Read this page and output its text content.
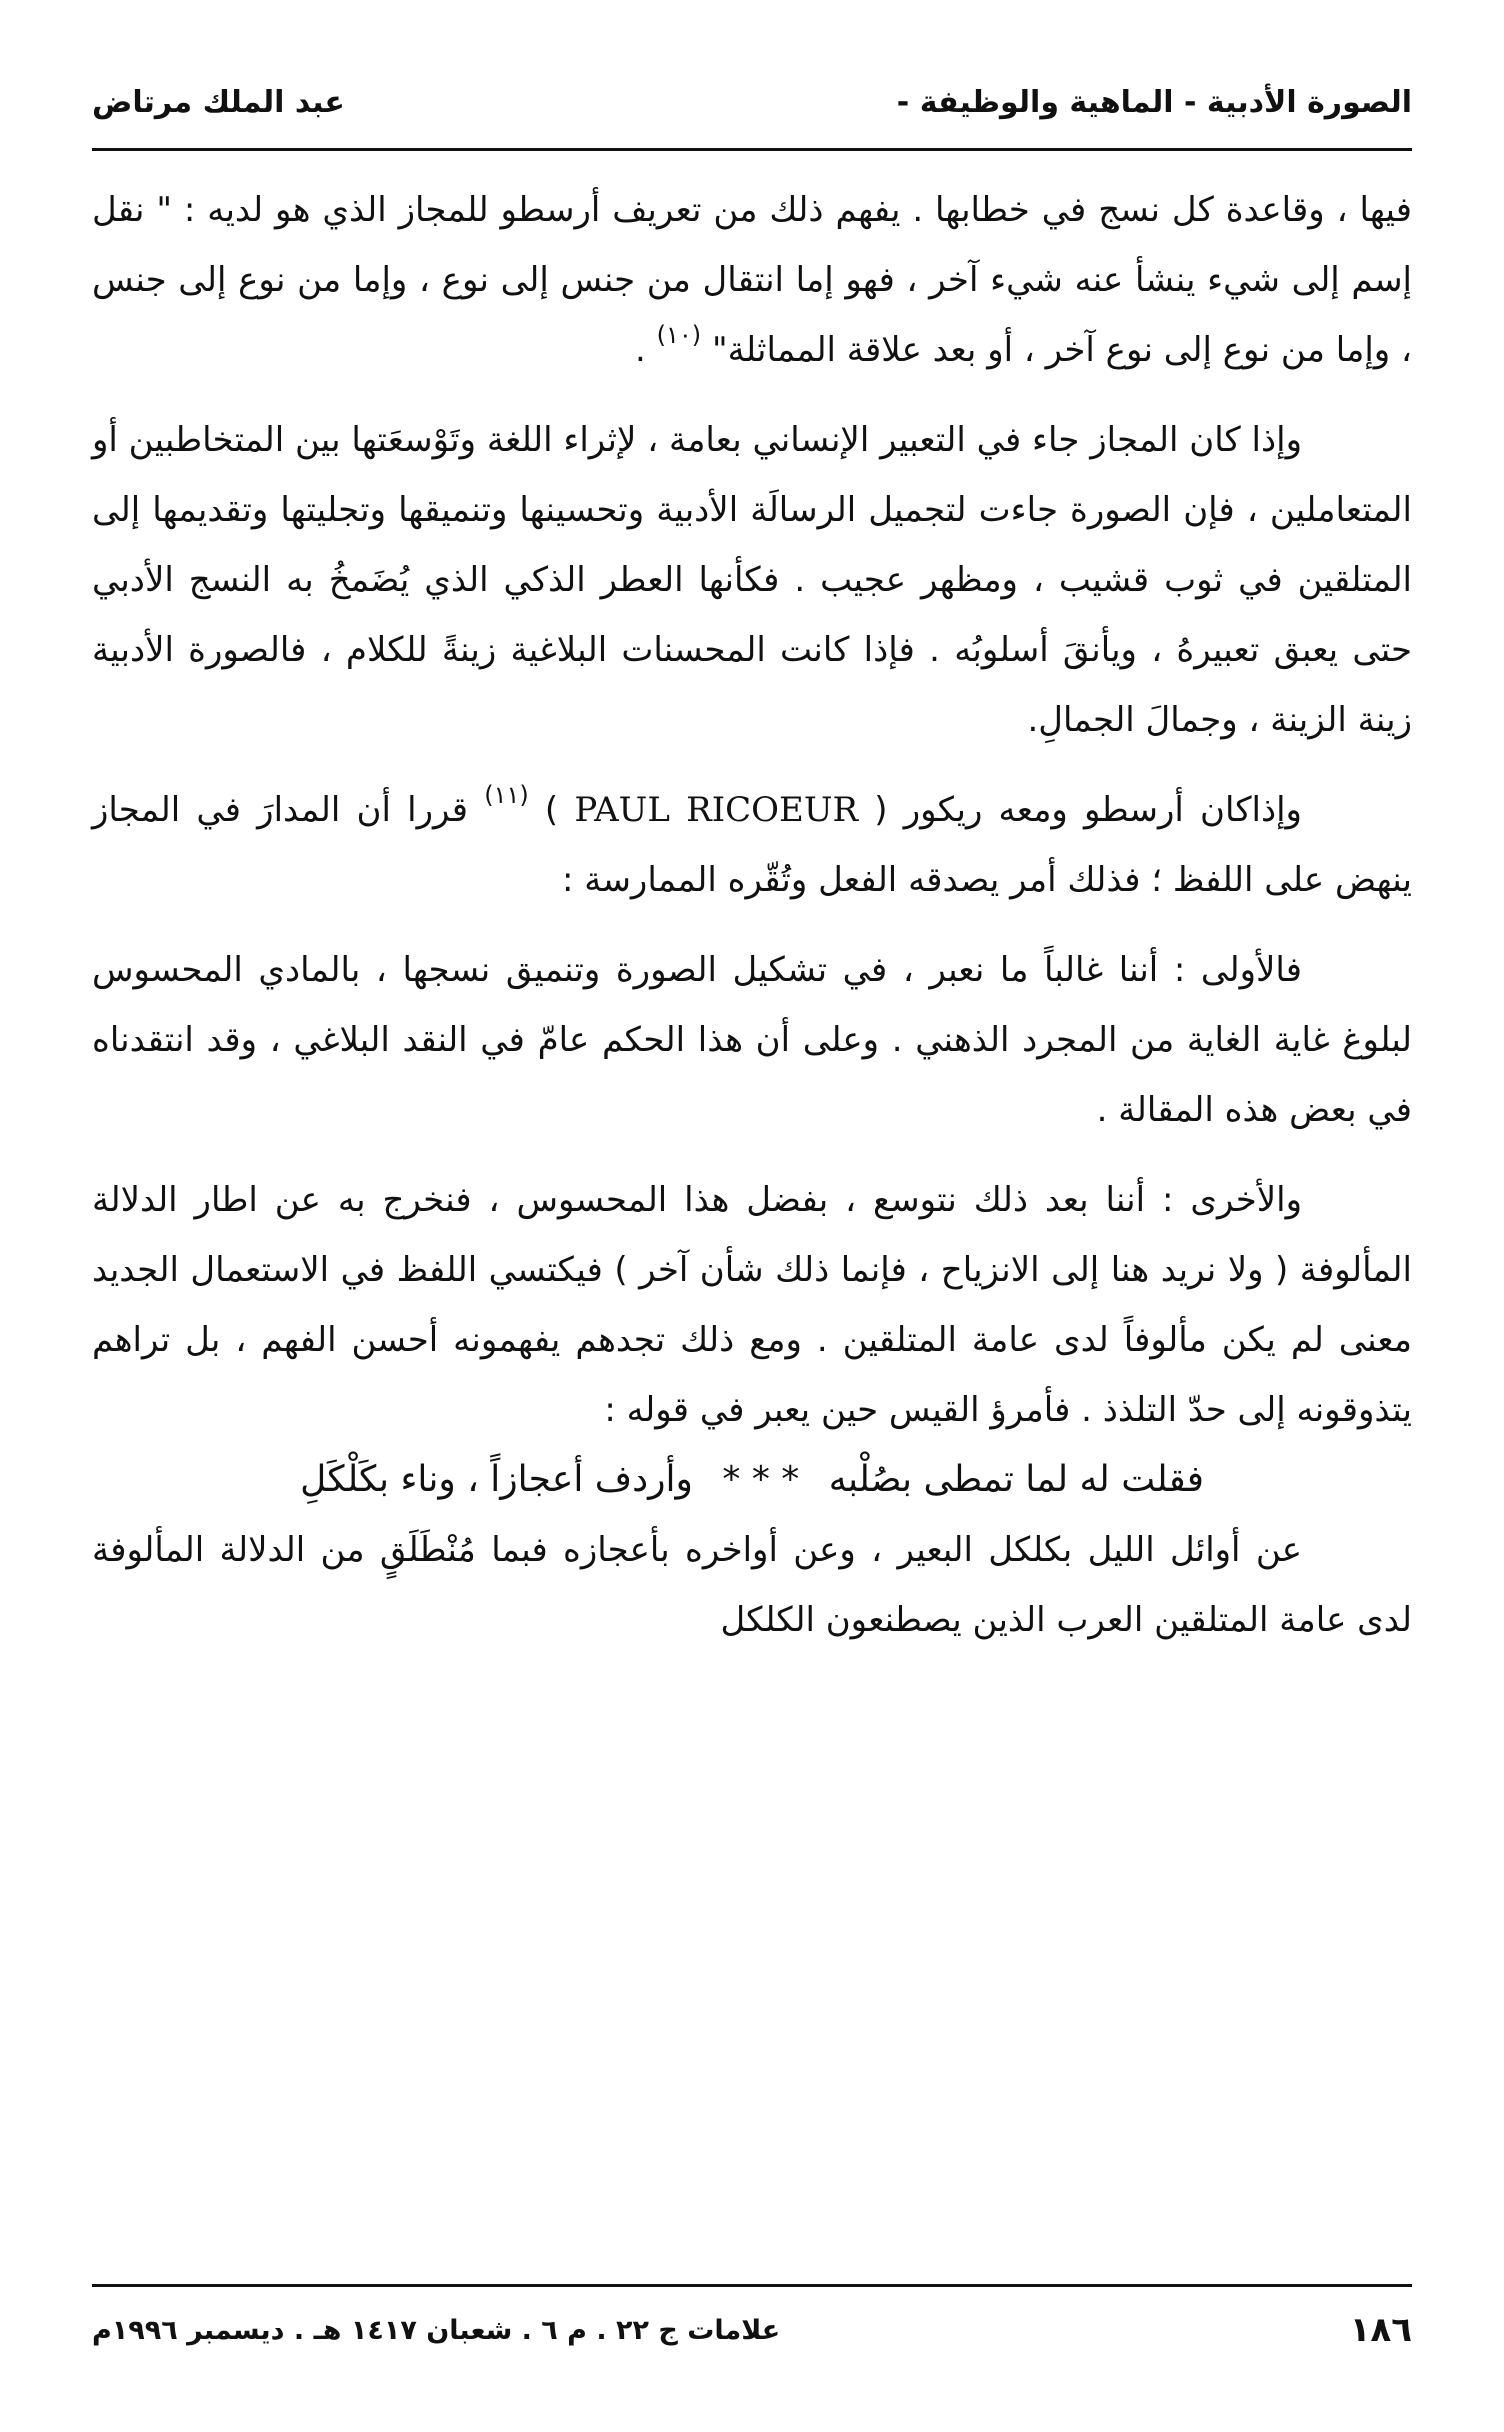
الصورة الأدبية - الماهية والوظيفة -
عبد الملك مرتاض

فيها ، وقاعدة كل نسج في خطابها . يفهم ذلك من تعريف أرسطو للمجاز الذي هو لديه : " نقل إسم إلى شيء ينشأ عنه شيء آخر ، فهو إما انتقال من جنس إلى نوع ، وإما من نوع إلى جنس ، وإما من نوع إلى نوع آخر ، أو بعد علاقة المماثلة" $^{(١٠)}$ .

وإذا كان المجاز جاء في التعبير الإنساني بعامة ، لإثراء اللغة وتَوْسعَتها بين المتخاطبين أو المتعاملين ، فإن الصورة جاءت لتجميل الرسالَة الأدبية وتحسينها وتنميقها وتجليتها وتقديمها إلى المتلقين في ثوب قشيب ، ومظهر عجيب . فكأنها العطر الذكي الذي يُضَمخُ به النسج الأدبي حتى يعبق تعبيرهُ ، ويأنقَ أسلوبُه . فإذا كانت المحسنات البلاغية زينةً للكلام ، فالصورة الأدبية زينة الزينة ، وجمالَ الجمالِ.

وإذاكان أرسطو ومعه ريكور ( PAUL RICOEUR ) $^{(١١)}$ قررا أن المدارَ في المجاز ينهض على اللفظ ؛ فذلك أمر يصدقه الفعل وتُقّره الممارسة :

فالأولى : أننا غالباً ما نعبر ، في تشكيل الصورة وتنميق نسجها ، بالمادي المحسوس لبلوغ غاية الغاية من المجرد الذهني . وعلى أن هذا الحكم عامّ في النقد البلاغي ، وقد انتقدناه في بعض هذه المقالة .

والأخرى : أننا بعد ذلك نتوسع ، بفضل هذا المحسوس ، فنخرج به عن اطار الدلالة المألوفة ( ولا نريد هنا إلى الانزياح ، فإنما ذلك شأن آخر ) فيكتسي اللفظ في الاستعمال الجديد معنى لم يكن مألوفاً لدى عامة المتلقين . ومع ذلك تجدهم يفهمونه أحسن الفهم ، بل تراهم يتذوقونه إلى حدّ التلذذ . فأمرؤ القيس حين يعبر في قوله :

فقلت له لما تمطى بصُلْبه * * * وأردف أعجازاً ، وناء بكَلْكَلِ

عن أوائل الليل بكلكل البعير ، وعن أواخره بأعجازه فبما مُنْطَلَقٍ من الدلالة المألوفة لدى عامة المتلقين العرب الذين يصطنعون الكلكل

١٨٦
علامات ج ٢٢ . م ٦ . شعبان ١٤١٧ هـ . ديسمبر ١٩٩٦م
